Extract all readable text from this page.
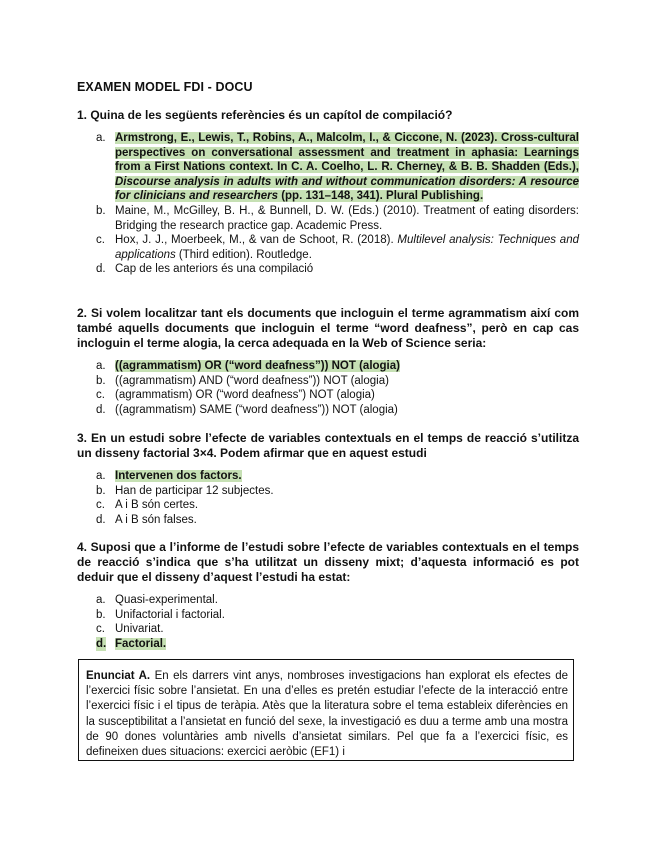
EXAMEN MODEL FDI - DOCU
1. Quina de les següents referències és un capítol de compilació?
a. Armstrong, E., Lewis, T., Robins, A., Malcolm, I., & Ciccone, N. (2023). Cross-cultural perspectives on conversational assessment and treatment in aphasia: Learnings from a First Nations context. In C. A. Coelho, L. R. Cherney, & B. B. Shadden (Eds.), Discourse analysis in adults with and without communication disorders: A resource for clinicians and researchers (pp. 131–148, 341). Plural Publishing.
b. Maine, M., McGilley, B. H., & Bunnell, D. W. (Eds.) (2010). Treatment of eating disorders: Bridging the research practice gap. Academic Press.
c. Hox, J. J., Moerbeek, M., & van de Schoot, R. (2018). Multilevel analysis: Techniques and applications (Third edition). Routledge.
d. Cap de les anteriors és una compilació
2. Si volem localitzar tant els documents que incloguin el terme agrammatism així com també aquells documents que incloguin el terme “word deafness”, però en cap cas incloguin el terme alogia, la cerca adequada en la Web of Science seria:
a. ((agrammatism) OR (“word deafness”)) NOT (alogia)
b. ((agrammatism) AND (“word deafness”)) NOT (alogia)
c. (agrammatism) OR (“word deafness”) NOT (alogia)
d. ((agrammatism) SAME (“word deafness”)) NOT (alogia)
3. En un estudi sobre l’efecte de variables contextuals en el temps de reacció s’utilitza un disseny factorial 3×4. Podem afirmar que en aquest estudi
a. Intervenen dos factors.
b. Han de participar 12 subjectes.
c. A i B són certes.
d. A i B són falses.
4. Suposi que a l’informe de l’estudi sobre l’efecte de variables contextuals en el temps de reacció s’indica que s’ha utilitzat un disseny mixt; d’aquesta informació es pot deduir que el disseny d’aquest l’estudi ha estat:
a. Quasi-experimental.
b. Unifactorial i factorial.
c. Univariat.
d. Factorial.
Enunciat A. En els darrers vint anys, nombroses investigacions han explorat els efectes de l’exercici físic sobre l’ansietat. En una d’elles es pretén estudiar l’efecte de la interacció entre l’exercici físic i el tipus de teràpia. Atès que la literatura sobre el tema estableix diferències en la susceptibilitat a l’ansietat en funció del sexe, la investigació es duu a terme amb una mostra de 90 dones voluntàries amb nivells d’ansietat similars. Pel que fa a l’exercici físic, es defineixen dues situacions: exercici aeròbic (EF1) i
